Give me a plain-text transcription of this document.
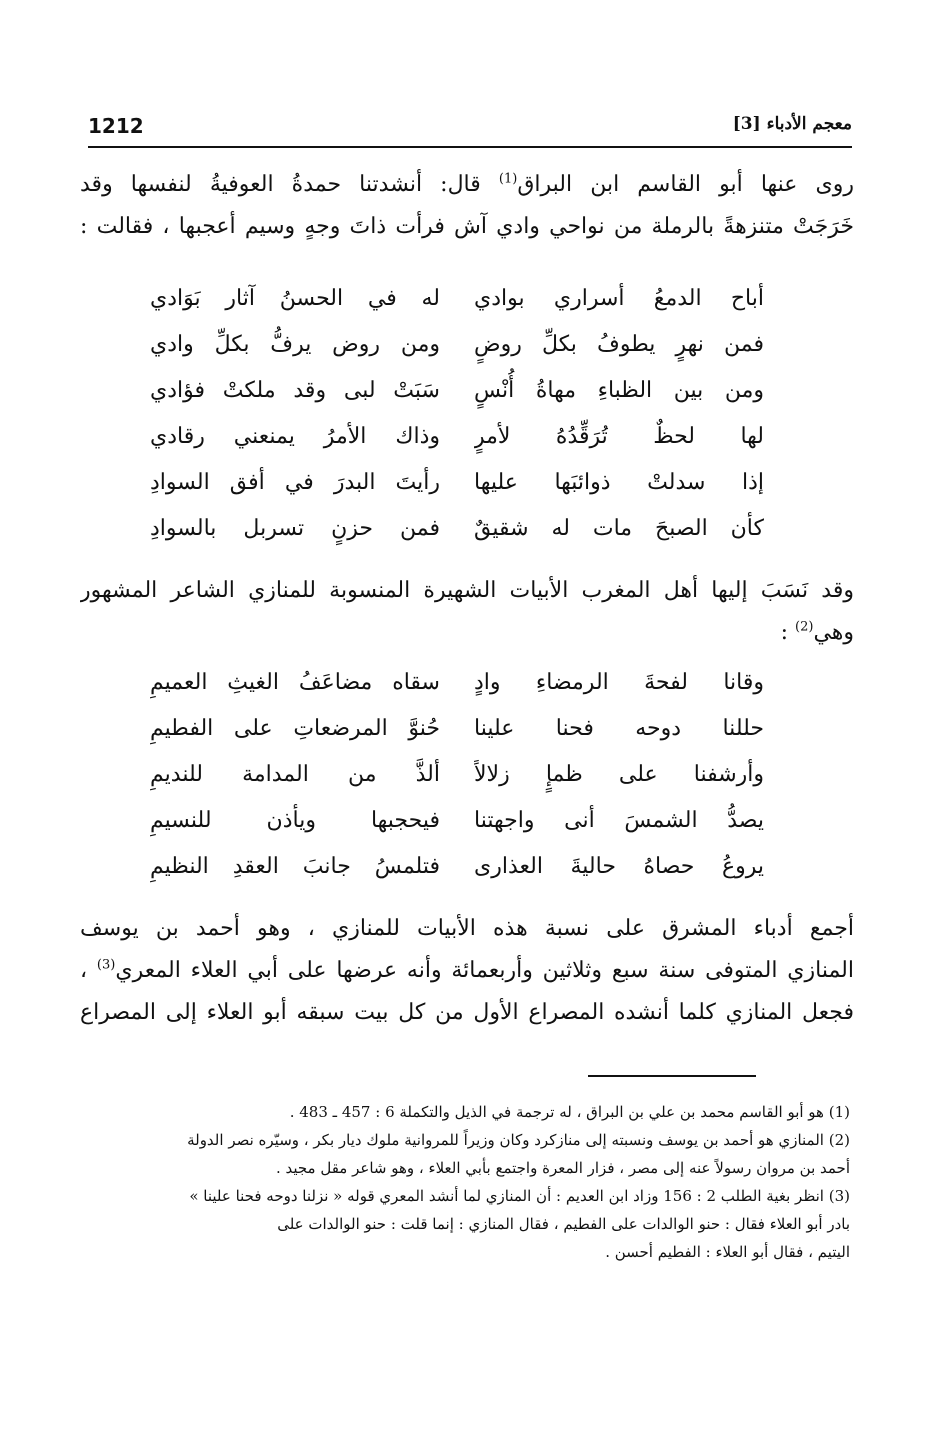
1212	معجم الأدباء [3]
روى عنها أبو القاسم ابن البراق$^{(1)}$ قال: أنشدتنا حمدةُ العوفيةُ لنفسها وقد
خَرَجَتْ متنزهةً بالرملة من نواحي وادي آش فرأت ذاتَ وجهٍ وسيم أعجبها ، فقالت :
أباح الدمعُ أسراري بوادي
له في الحسنُ آثار بَوَادي
فمن نهرٍ يطوفُ بكلِّ روضٍ
ومن روض يرفُّ بكلِّ وادي
ومن بين الظباءِ مهاةُ أُنْسٍ
سَبَتْ لبى وقد ملكتْ فؤادي
لها لحظٌ تُرَقِّدُهُ لأمرٍ
وذاك الأمرُ يمنعني رقادي
إذا سدلتْ ذوائبَها عليها
رأيتَ البدرَ في أفق السوادِ
كأن الصبحَ مات له شقيقٌ
فمن حزنٍ تسربل بالسوادِ
وقد نَسَبَ إليها أهل المغرب الأبيات الشهيرة المنسوبة للمنازي الشاعر المشهور
وهي$^{(2)}$ :
وقانا لفحةَ الرمضاءِ وادٍ
سقاه مضاعَفُ الغيثِ العميمِ
حللنا دوحه فحنا علينا
حُنوَّ المرضعاتِ على الفطيمِ
وأرشفنا على ظمإٍ زلالاً
ألذَّ من المدامة للنديمِ
يصدُّ الشمسَ أنى واجهتنا
فيحجبها ويأذن للنسيمِ
يروعُ حصاهُ حاليةَ العذارى
فتلمسُ جانبَ العقدِ النظيمِ
أجمع أدباء المشرق على نسبة هذه الأبيات للمنازي ، وهو أحمد بن يوسف
المنازي المتوفى سنة سبع وثلاثين وأربعمائة وأنه عرضها على أبي العلاء المعري$^{(3)}$ ،
فجعل المنازي كلما أنشده المصراع الأول من كل بيت سبقه أبو العلاء إلى المصراع
(1) هو أبو القاسم محمد بن علي بن البراق ، له ترجمة في الذيل والتكملة 6 : 457 ـ 483 .
(2) المنازي هو أحمد بن يوسف ونسبته إلى منازكرد وكان وزيراً للمروانية ملوك ديار بكر ، وسيّره نصر الدولة
أحمد بن مروان رسولاً عنه إلى مصر ، فزار المعرة واجتمع بأبي العلاء ، وهو شاعر مقل مجيد .
(3) انظر بغية الطلب 2 : 156 وزاد ابن العديم : أن المنازي لما أنشد المعري قوله « نزلنا دوحه فحنا علينا »
بادر أبو العلاء فقال : حنو الوالدات على الفطيم ، فقال المنازي : إنما قلت : حنو الوالدات على
اليتيم ، فقال أبو العلاء : الفطيم أحسن .
